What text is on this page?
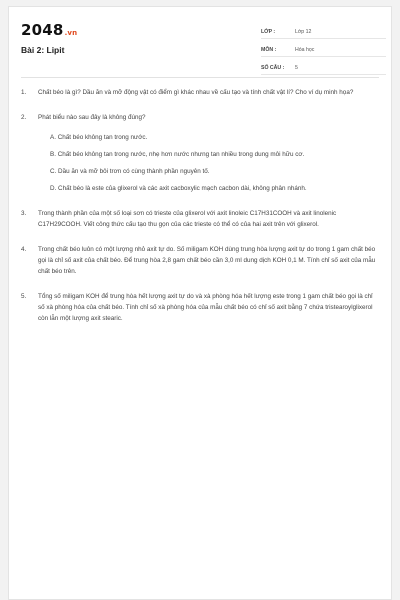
2048.vn
Bài 2: Lipit
LỚP :	Lớp 12
MÔN :	Hóa học
SỐ CÂU :	5
1.	Chất béo là gì? Dầu ăn và mỡ động vật có điểm gì khác nhau về cấu tạo và tính chất vật lí? Cho ví dụ minh họa?
2.	Phát biểu nào sau đây là không đúng?
A. Chất béo không tan trong nước.
B. Chất béo không tan trong nước, nhẹ hơn nước nhưng tan nhiều trong dung môi hữu cơ.
C. Dầu ăn và mỡ bôi trơn có cùng thành phần nguyên tố.
D. Chất béo là este của glixerol và các axit cacboxylic mạch cacbon dài, không phân nhánh.
3.	Trong thành phần của một số loại sơn có trieste của glixerol với axit linoleic C17H31COOH và axit linolenic C17H29COOH. Viết công thức cấu tạo thu gọn của các trieste có thể có của hai axit trên với glixerol.
4.	Trong chất béo luôn có một lượng nhỏ axit tự do. Số miligam KOH dùng trung hòa lượng axit tự do trong 1 gam chất béo gọi là chỉ số axit của chất béo. Để trung hòa 2,8 gam chất béo cần 3,0 ml dung dịch KOH 0,1 M. Tính chỉ số axit của mẫu chất béo trên.
5.	Tổng số miligam KOH để trung hòa hết lượng axit tự do và xà phòng hóa hết lượng este trong 1 gam chất béo gọi là chỉ số xà phòng hóa của chất béo. Tính chỉ số xà phòng hóa của mẫu chất béo có chỉ số axit bằng 7 chứa tristearoylglixerol còn lẫn một lượng axit stearic.
